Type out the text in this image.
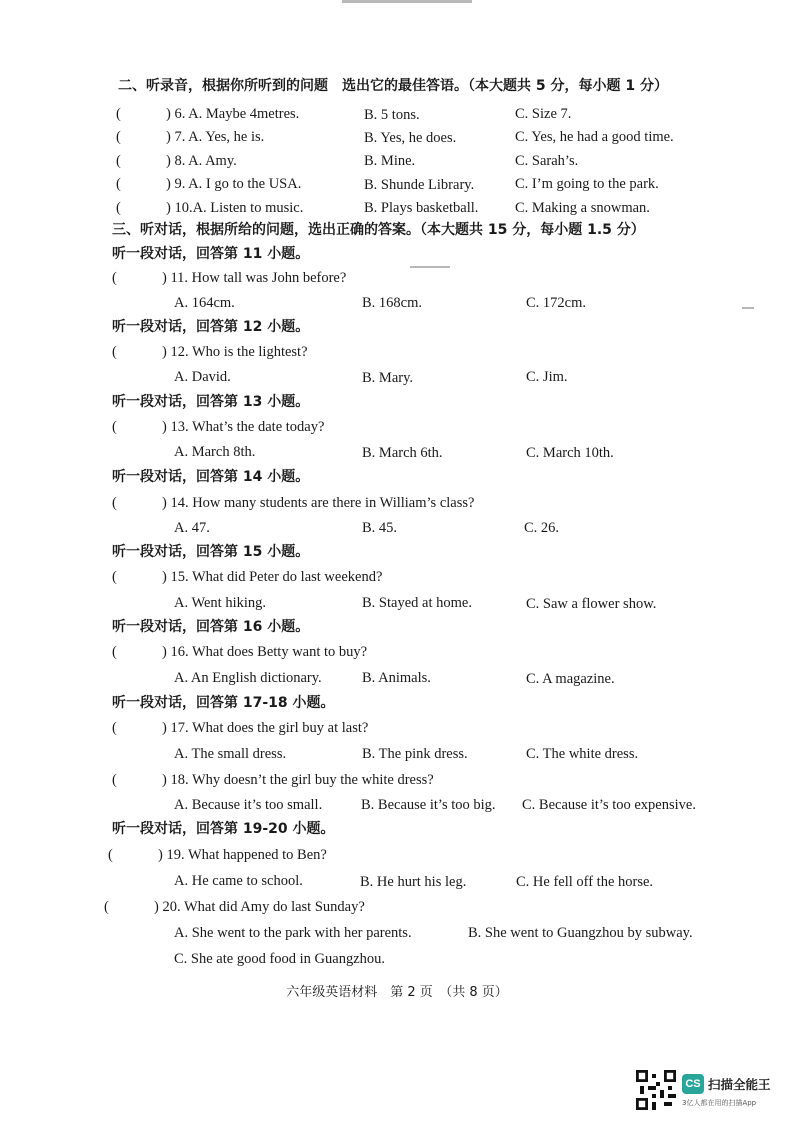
二、听录音，根据你所听到的问题　选出它的最佳答语。（本大题共 5 分，每小题 1 分）
(	) 6. A. Maybe 4metres.	B. 5 tons.	C. Size 7.
(	) 7. A. Yes, he is.	B. Yes, he does.	C. Yes, he had a good time.
(	) 8. A. Amy.	B. Mine.	C. Sarah’s.
(	) 9. A. I go to the USA.	B. Shunde Library.	C. I’m going to the park.
(	) 10.A. Listen to music.	B. Plays basketball.	C. Making a snowman.
三、听对话，根据所给的问题，选出正确的答案。（本大题共 15 分，每小题 1.5 分）
听一段对话，回答第 11 小题。
(	) 11. How tall was John before?
A. 164cm.	B. 168cm.	C. 172cm.
听一段对话，回答第 12 小题。
(	) 12. Who is the lightest?
A. David.	B. Mary.	C. Jim.
听一段对话，回答第 13 小题。
(	) 13. What’s the date today?
A. March 8th.	B. March 6th.	C. March 10th.
听一段对话，回答第 14 小题。
(	) 14. How many students are there in William’s class?
A. 47.	B. 45.	C. 26.
听一段对话，回答第 15 小题。
(	) 15. What did Peter do last weekend?
A. Went hiking.	B. Stayed at home.	C. Saw a flower show.
听一段对话，回答第 16 小题。
(	) 16. What does Betty want to buy?
A. An English dictionary.	B. Animals.	C. A magazine.
听一段对话，回答第 17-18 小题。
(	) 17. What does the girl buy at last?
A. The small dress.	B. The pink dress.	C. The white dress.
(	) 18. Why doesn’t the girl buy the white dress?
A. Because it’s too small.	B. Because it’s too big. C. Because it’s too expensive.
听一段对话，回答第 19-20 小题。
(	) 19. What happened to Ben?
A. He came to school.	B. He hurt his leg.	C. He fell off the horse.
(	) 20. What did Amy do last Sunday?
A. She went to the park with her parents.	B. She went to Guangzhou by subway.
C. She ate good food in Guangzhou.
六年级英语材料　第 2 页　（共 8 页）
CS 扫描全能王
3亿人都在用的扫描App
